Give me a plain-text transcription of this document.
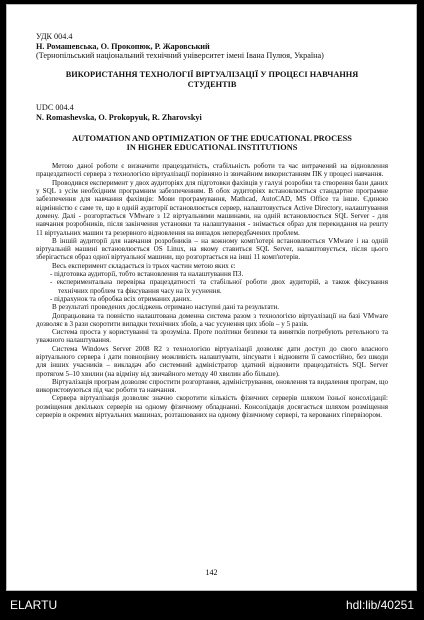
УДК 004.4

Н. Ромашевська, О. Прокопюк, Р. Жаровський

(Тернопільський національний технічний університет імені Івана Пулюя, Україна)

ВИКОРИСТАННЯ ТЕХНОЛОГІЇ ВІРТУАЛІЗАЦІЇ У ПРОЦЕСІ НАВЧАННЯ
СТУДЕНТІВ

UDC 004.4

N. Romashevska, O. Prokopyuk, R. Zharovskyi

AUTOMATION AND OPTIMIZATION OF THE EDUCATIONAL PROCESS
IN HIGHER EDUCATIONAL INSTITUTIONS

Метою даної роботи є визначити працездатність, стабільність роботи та час витрачений на відновлення працездатності сервера з технологією віртуалізації порівняно із звичайним використанням ПК у процесі навчання.

Проводився експеримент у двох аудиторіях для підготовки фахівців у галузі розробки та створення бази даних у SQL з усім необхідним програмним забезпеченням. В обох аудиторіях встановлюється стандартне програмне забезпечення для навчання фахівців: Мови програмування, Mathcad, AutoCAD, MS Office та інше. Єдиною відмінністю є саме те, що в одній аудиторії встановлюється сервер, налаштовується Active Directory, налаштування домену. Далі - розгортається VMware з 12 віртуальними машинами, на одній встановлюється SQL Server - для навчання розробників, після закінчення установки та налаштування - знімається образ для перекидання на решту 11 віртуальних машин та резервного відновлення на випадок непередбачених проблем.

В іншій аудиторії для навчання розробників – на кожному комп'ютері встановлюється VMware і на одній віртуальній машині встановлюється OS Linux, на якому ставиться SQL Server, налаштовується, після цього зберігається образ одної віртуальної машини, що розгортається на інші 11 комп'ютерів.

Весь експеримент складається із трьох частин метою яких є:

- підготовка аудиторії, тобто встановлення та налаштування ПЗ.

- експериментальна перевірка працездатності та стабільної роботи двох аудиторій, а також фіксування технічних проблем та фіксування часу на їх усунення.

- підрахунок та обробка всіх отриманих даних.

В результаті проведених досліджень отримано наступні дані та результати.

Допрацьована та повністю налаштована доменна система разом з технологією віртуалізації на базі VMware дозволяє в 3 рази скоротити випадки технічних збоїв, а час усунення цих збоїв – у 5 разів.

Система проста у користуванні та зрозуміла. Проте політики безпеки та винятків потребують ретельного та уважного налаштування.

Система Windows Server 2008 R2 з технологією віртуалізації дозволяє дати доступ до свого власного віртуального сервера і дати повноцінну можливість налаштувати, зіпсувати і відновити її самостійно, без шкоди для інших учасників – викладач або системний адміністратор здатний відновити працездатність SQL Server протягом 5–10 хвилин (на відміну від звичайного методу 40 хвилин або більше).

Віртуалізація програм дозволяє спростити розгортання, адміністрування, оновлення та видалення програм, що використовуються під час роботи та навчання.

Сервера віртуалізація дозволяє значно скоротити кількість фізичних серверів шляхом їхньої консолідації: розміщення декількох серверів на одному фізичному обладнанні. Консолідація досягається шляхом розміщення серверів в окремих віртуальних машинах, розташованих на одному фізичному сервері, та керованих гіпервізором.

142
ELARTU	hdl:lib/40251
